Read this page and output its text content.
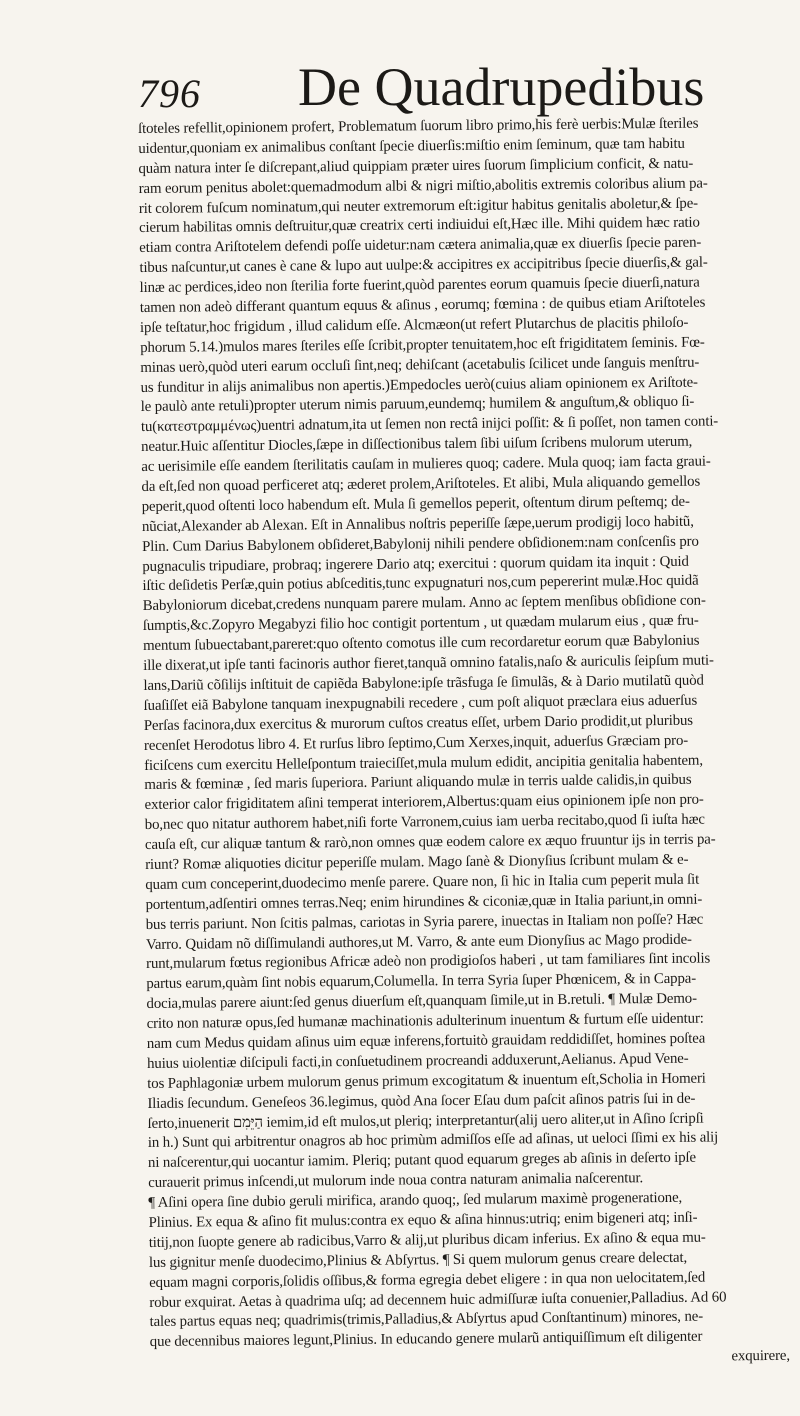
796 De Quadrupedibus
ſtoteles refellit,opinionem profert, Problematum ſuorum libro primo,his ferè uerbis:Mulæ ſteriles
uidentur,quoniam ex animalibus conſtant ſpecie diuerſis:miſtio enim ſeminum, quæ tam habitu
quàm natura inter ſe diſcrepant,aliud quippiam præter uires ſuorum ſimplicium conficit, & natu-
ram eorum penitus abolet:quemadmodum albi & nigri miſtio,abolitis extremis coloribus alium pa-
rit colorem fuſcum nominatum,qui neuter extremorum eſt:igitur habitus genitalis aboletur,& ſpe-
cierum habilitas omnis deſtruitur,quæ creatrix certi indiuidui eſt,Hæc ille. Mihi quidem hæc ratio
etiam contra Ariſtotelem defendi poſſe uidetur:nam cætera animalia,quæ ex diuerſis ſpecie paren-
tibus naſcuntur,ut canes è cane & lupo aut uulpe:& accipitres ex accipitribus ſpecie diuerſis,& gal-
linæ ac perdices,ideo non ſterilia forte fuerint,quòd parentes eorum quamuis ſpecie diuerſi,natura
tamen non adeò differant quantum equus & aſinus , eorumq; fœmina : de quibus etiam Ariſtoteles
ipſe teſtatur,hoc frigidum , illud calidum eſſe. Alcmæon(ut refert Plutarchus de placitis philoſo-
phorum 5.14.)mulos mares ſteriles eſſe ſcribit,propter tenuitatem,hoc eſt frigiditatem ſeminis. Fœ-
minas uerò,quòd uteri earum occluſi ſint,neq; dehiſcant (acetabulis ſcilicet unde ſanguis menſtru-
us funditur in alijs animalibus non apertis.)Empedocles uerò(cuius aliam opinionem ex Ariſtote-
le paulò ante retuli)propter uterum nimis paruum,eundemq; humilem & anguſtum,& obliquo ſi-
tu(κατεστραμμένως)uentri adnatum,ita ut ſemen non rectâ inijci poſſit: & ſi poſſet, non tamen conti-
neatur.Huic aſſentitur Diocles,ſæpe in diſſectionibus talem ſibi uiſum ſcribens mulorum uterum,
ac uerisimile eſſe eandem ſterilitatis cauſam in mulieres quoq; cadere. Mula quoq; iam facta graui-
da eſt,ſed non quoad perficeret atq; æderet prolem,Ariſtoteles. Et alibi, Mula aliquando gemellos
peperit,quod oſtenti loco habendum eſt. Mula ſi gemellos peperit, oſtentum dirum peſtemq; de-
nũciat,Alexander ab Alexan. Eſt in Annalibus noſtris peperiſſe ſæpe,uerum prodigij loco habitũ,
Plin. Cum Darius Babylonem obſideret,Babylonij nihili pendere obſidionem:nam conſcenſis pro
pugnaculis tripudiare, probraq; ingerere Dario atq; exercitui : quorum quidam ita inquit : Quid
iſtic deſidetis Perſæ,quin potius abſceditis,tunc expugnaturi nos,cum pepererint mulæ.Hoc quidã
Babyloniorum dicebat,credens nunquam parere mulam. Anno ac ſeptem menſibus obſidione con-
ſumptis,&c.Zopyro Megabyzi filio hoc contigit portentum , ut quædam mularum eius , quæ fru-
mentum ſubuectabant,pareret:quo oſtento comotus ille cum recordaretur eorum quæ Babylonius
ille dixerat,ut ipſe tanti facinoris author fieret,tanquã omnino fatalis,naſo & auriculis ſeipſum muti-
lans,Dariũ cõſilijs inſtituit de capiẽda Babylone:ipſe trãsfuga ſe ſimulãs, & à Dario mutilatũ quòd
ſuaſiſſet eiã Babylone tanquam inexpugnabili recedere , cum poſt aliquot præclara eius aduerſus
Perſas facinora,dux exercitus & murorum cuſtos creatus eſſet, urbem Dario prodidit,ut pluribus
recenſet Herodotus libro 4. Et rurſus libro ſeptimo,Cum Xerxes,inquit, aduerſus Græciam pro-
ficiſcens cum exercitu Helleſpontum traieciſſet,mula mulum edidit, ancipitia genitalia habentem,
maris & fœminæ , ſed maris ſuperiora. Pariunt aliquando mulæ in terris ualde calidis,in quibus
exterior calor frigiditatem aſini temperat interiorem,Albertus:quam eius opinionem ipſe non pro-
bo,nec quo nitatur authorem habet,niſi forte Varronem,cuius iam uerba recitabo,quod ſi iuſta hæc
cauſa eſt, cur aliquæ tantum & rarò,non omnes quæ eodem calore ex æquo fruuntur ijs in terris pa-
riunt? Romæ aliquoties dicitur peperiſſe mulam. Mago ſanè & Dionyſius ſcribunt mulam & e-
quam cum conceperint,duodecimo menſe parere. Quare non, ſi hic in Italia cum peperit mula ſit
portentum,adſentiri omnes terras.Neq; enim hirundines & ciconiæ,quæ in Italia pariunt,in omni-
bus terris pariunt. Non ſcitis palmas, cariotas in Syria parere, inuectas in Italiam non poſſe? Hæc
Varro. Quidam nõ diſſimulandi authores,ut M. Varro, & ante eum Dionyſius ac Mago prodide-
runt,mularum fœtus regionibus Africæ adeò non prodigioſos haberi , ut tam familiares ſint incolis
partus earum,quàm ſint nobis equarum,Columella. In terra Syria ſuper Phœnicem, & in Cappa-
docia,mulas parere aiunt:ſed genus diuerſum eſt,quanquam ſimile,ut in B.retuli. ¶ Mulæ Demo-
crito non naturæ opus,ſed humanæ machinationis adulterinum inuentum & furtum eſſe uidentur:
nam cum Medus quidam aſinus uim equæ inferens,fortuitò grauidam reddidiſſet, homines poſtea
huius uiolentiæ diſcipuli facti,in conſuetudinem procreandi adduxerunt,Aelianus. Apud Vene-
tos Paphlagoniæ urbem mulorum genus primum excogitatum & inuentum eſt,Scholia in Homeri
Iliadis ſecundum. Geneſeos 36.legimus, quòd Ana ſocer Eſau dum paſcit aſinos patris ſui in de-
ſerto,inuenerit הַיֵּמִם iemim,id eſt mulos,ut pleriq; interpretantur(alij uero aliter,ut in Aſino ſcripſi
in h.) Sunt qui arbitrentur onagros ab hoc primùm admiſſos eſſe ad aſinas, ut ueloci ſſimi ex his alij
ni naſcerentur,qui uocantur iamim. Pleriq; putant quod equarum greges ab aſinis in deſerto ipſe
curauerit primus inſcendi,ut mulorum inde noua contra naturam animalia naſcerentur.
¶ Aſini opera ſine dubio geruli mirifica, arando quoq;, ſed mularum maximè progeneratione,
Plinius. Ex equa & aſino fit mulus:contra ex equo & aſina hinnus:utriq; enim bigeneri atq; inſi-
titij,non ſuopte genere ab radicibus,Varro & alij,ut pluribus dicam inferius. Ex aſino & equa mu-
lus gignitur menſe duodecimo,Plinius & Abſyrtus. ¶ Si quem mulorum genus creare delectat,
equam magni corporis,ſolidis oſſibus,& forma egregia debet eligere : in qua non uelocitatem,ſed
robur exquirat. Aetas à quadrima uſq; ad decennem huic admiſſuræ iuſta conuenier,Palladius. Ad 60
tales partus equas neq; quadrimis(trimis,Palladius,& Abſyrtus apud Conſtantinum) minores, ne-
que decennibus maiores legunt,Plinius. In educando genere mularũ antiquiſſimum eſt diligenter
exquirere,
